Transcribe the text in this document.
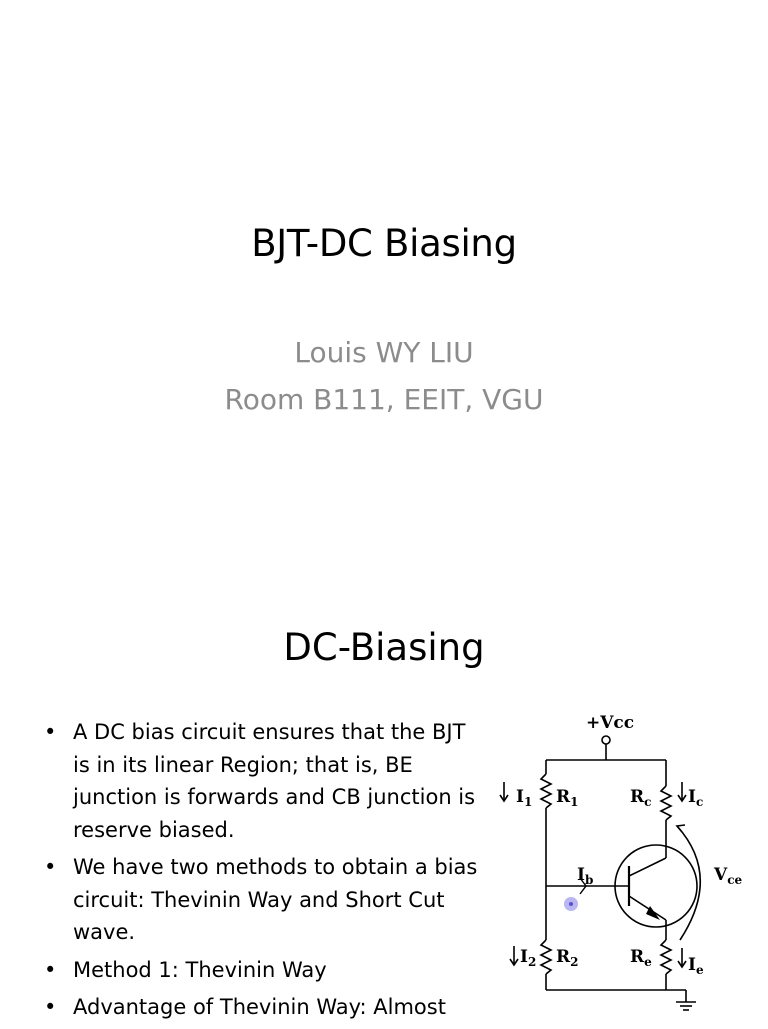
BJT-DC Biasing
Louis WY LIU
Room B111, EEIT, VGU
DC-Biasing
• A DC bias circuit ensures that the BJT is in its linear Region; that is, BE junction is forwards and CB junction is reserve biased.
• We have two methods to obtain a bias circuit: Thevinin Way and Short Cut wave.
• Method 1: Thevinin Way
• Advantage of Thevinin Way: Almost
+Vcc
$I_1$ $R_1$	$R_c$ $I_c$
$I_b$	$V_{ce}$
$I_2$ $R_2$	$R_e$ $I_e$
